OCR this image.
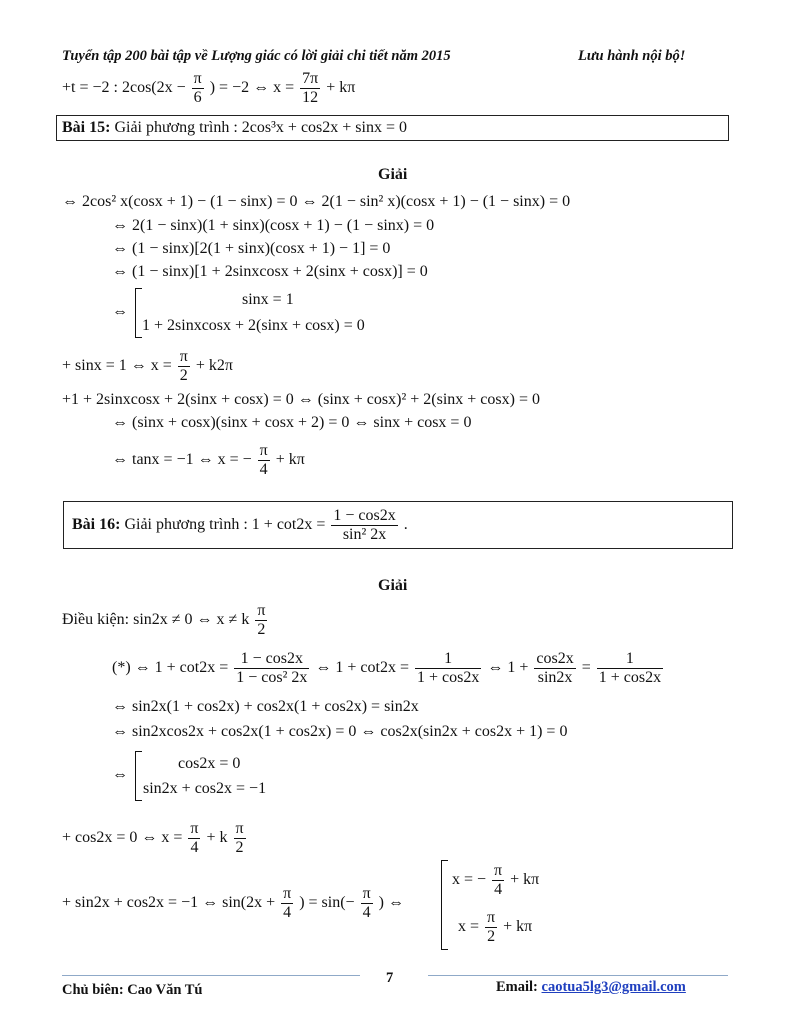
Tuyển tập 200 bài tập về Lượng giác có lời giải chi tiết năm 2015	Lưu hành nội bộ!
+t = −2 : $2\cos(2x - \frac{\pi}{6}$ ) = −2 ⇔ $x = \frac{7\pi}{12} + k\pi$
Bài 15: Giải phương trình : 2cos³x + cos2x + sinx = 0
Giải
⇔ 2cos² x(cosx + 1) − (1 − sinx) = 0 ⇔ 2(1 − sin² x)(cosx + 1) − (1 − sinx) = 0
⇔ 2(1 − sinx)(1 + sinx)(cosx + 1) − (1 − sinx) = 0
⇔ (1 − sinx)[2(1 + sinx)(cosx + 1) − 1] = 0
⇔ (1 − sinx)[1 + 2sinxcosx + 2(sinx + cosx)] = 0
⇔
sinx = 1
1 + 2sinxcosx + 2(sinx + cosx) = 0
+ sinx = 1 ⇔ $x = \frac{\pi}{2} + k2\pi$
+1 + 2sinxcosx + 2(sinx + cosx) = 0 ⇔ (sinx + cosx)² + 2(sinx + cosx) = 0
⇔ (sinx + cosx)(sinx + cosx + 2) = 0 ⇔ sinx + cosx = 0
⇔ tanx = −1 ⇔ x = − $\frac{\pi}{4} + k\pi$
Bài 16: Giải phương trình : $1 + \cot 2x = \frac{1 - \cos 2x}{\text{sin² 2x}}$ .
Giải
Điều kiện: sin2x ≠ 0 ⇔ x ≠ k $\frac{\pi}{2}$
(*) ⇔ $1 + \cot 2x = \frac{1 - \cos 2x}{\text{1 − cos² 2x}}$ ⇔ $1 + \cot 2x = \frac{1}{1 + \cos 2x}$ ⇔ $1 + \frac{\cos 2x}{\sin 2x} = \frac{1}{1 + \cos 2x}$
⇔ sin2x(1 + cos2x) + cos2x(1 + cos2x) = sin2x
⇔ sin2xcos2x + cos2x(1 + cos2x) = 0 ⇔ cos2x(sin2x + cos2x + 1) = 0
⇔
cos2x = 0
sin2x + cos2x = −1
+ cos2x = 0 ⇔ $x = \frac{\pi}{4} + k \frac{\pi}{2}$
+ sin2x + cos2x = −1 ⇔ $\sin(2x + \frac{\pi}{4}$ ) = $\sin(- \frac{\pi}{4}$ ) ⇔
x = − $\frac{\pi}{4} + k\pi$
$x = \frac{\pi}{2} + k\pi$
7
Chủ biên: Cao Văn Tú	Email: caotua5lg3@gmail.com
